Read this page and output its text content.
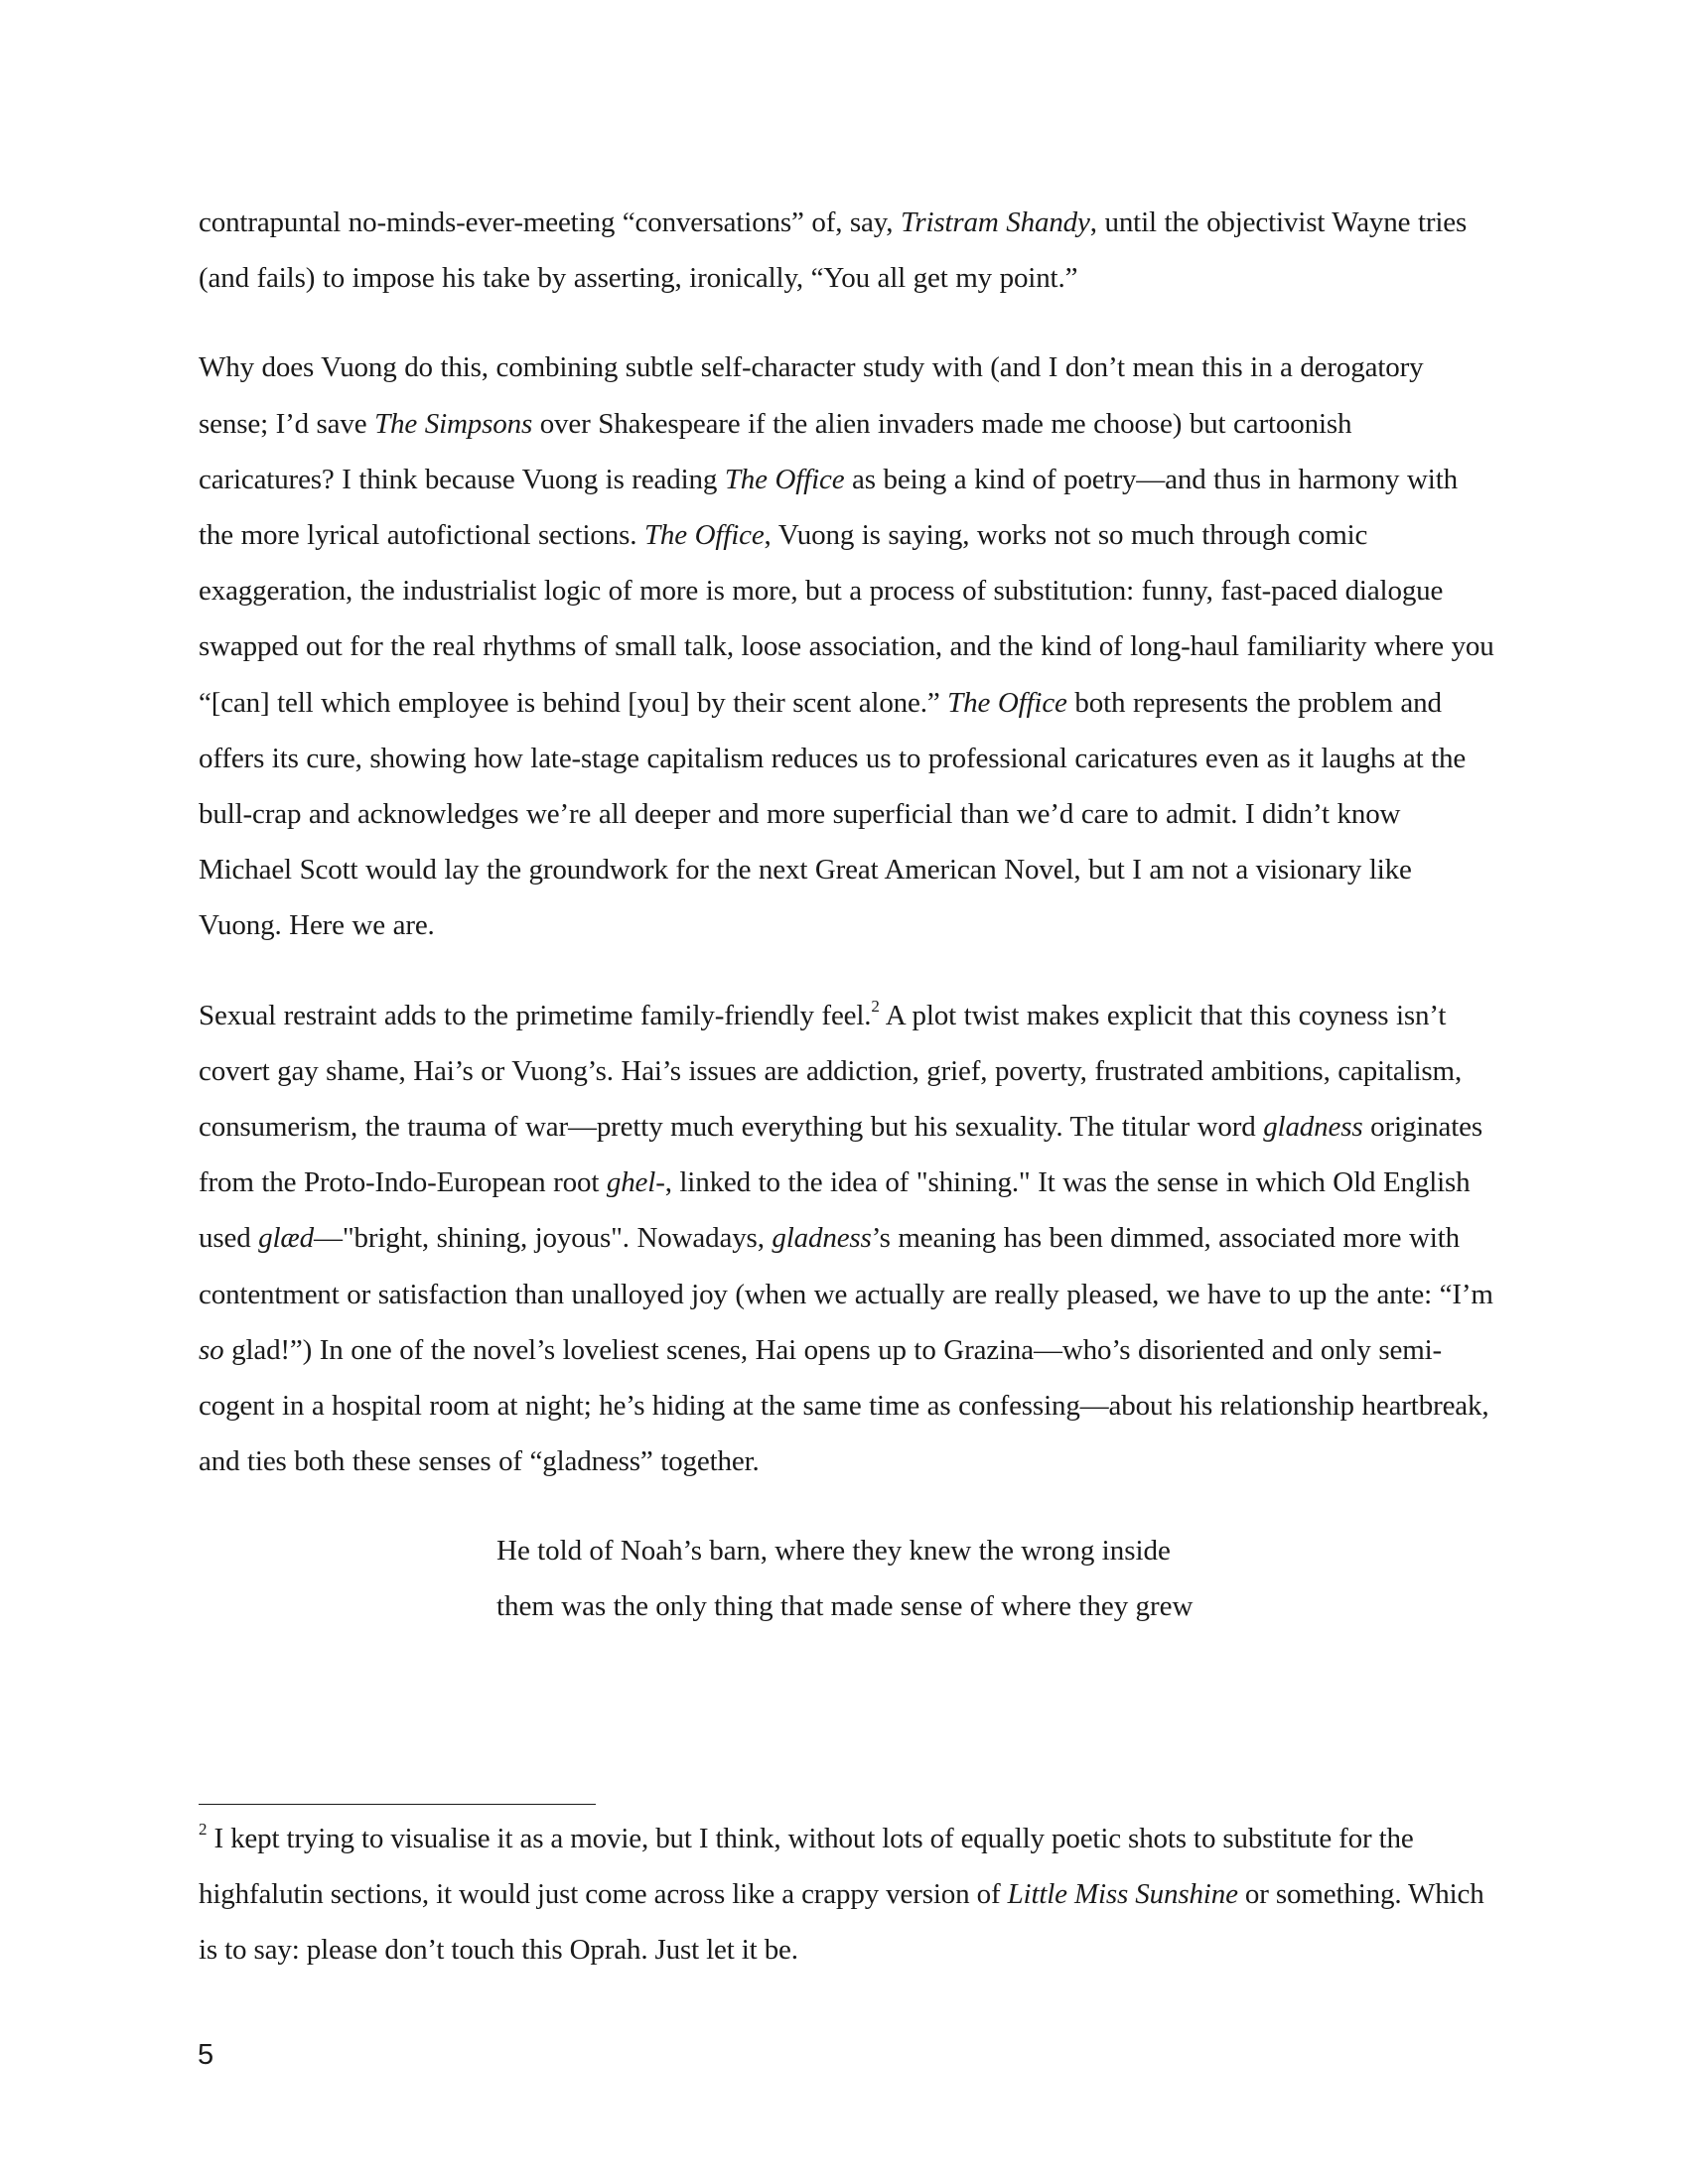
contrapuntal no-minds-ever-meeting “conversations” of, say, Tristram Shandy, until the objectivist Wayne tries (and fails) to impose his take by asserting, ironically, “You all get my point.”

Why does Vuong do this, combining subtle self-character study with (and I don’t mean this in a derogatory sense; I’d save The Simpsons over Shakespeare if the alien invaders made me choose) but cartoonish caricatures? I think because Vuong is reading The Office as being a kind of poetry—and thus in harmony with the more lyrical autofictional sections. The Office, Vuong is saying, works not so much through comic exaggeration, the industrialist logic of more is more, but a process of substitution: funny, fast-paced dialogue swapped out for the real rhythms of small talk, loose association, and the kind of long-haul familiarity where you “[can] tell which employee is behind [you] by their scent alone.” The Office both represents the problem and offers its cure, showing how late-stage capitalism reduces us to professional caricatures even as it laughs at the bull-crap and acknowledges we’re all deeper and more superficial than we’d care to admit. I didn’t know Michael Scott would lay the groundwork for the next Great American Novel, but I am not a visionary like Vuong. Here we are.

Sexual restraint adds to the primetime family-friendly feel.$^2$ A plot twist makes explicit that this coyness isn’t covert gay shame, Hai’s or Vuong’s. Hai’s issues are addiction, grief, poverty, frustrated ambitions, capitalism, consumerism, the trauma of war—pretty much everything but his sexuality. The titular word gladness originates from the Proto-Indo-European root ghel-, linked to the idea of "shining." It was the sense in which Old English used glæd—"bright, shining, joyous". Nowadays, gladness’s meaning has been dimmed, associated more with contentment or satisfaction than unalloyed joy (when we actually are really pleased, we have to up the ante: “I’m so glad!”) In one of the novel’s loveliest scenes, Hai opens up to Grazina—who’s disoriented and only semi-cogent in a hospital room at night; he’s hiding at the same time as confessing—about his relationship heartbreak, and ties both these senses of “gladness” together.

He told of Noah’s barn, where they knew the wrong inside
them was the only thing that made sense of where they grew

$^2$ I kept trying to visualise it as a movie, but I think, without lots of equally poetic shots to substitute for the highfalutin sections, it would just come across like a crappy version of Little Miss Sunshine or something. Which is to say: please don’t touch this Oprah. Just let it be.

5
